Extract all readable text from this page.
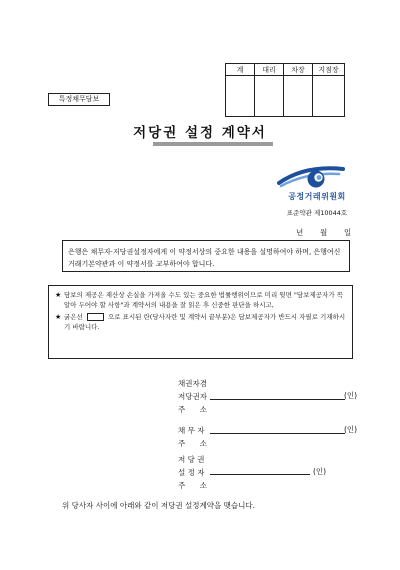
계	대리	차장	지점장

특정채무담보
저당권 설정 계약서
공정거래위원회
표준약관 제10044호
년 월 일
은행은 채무자·저당권설정자에게 이 약정서상의 중요한 내용을 설명하여야 하며, 은행여신거래기본약관과 이 약정서를 교부하여야 합니다.
★ 담보의 제공은 재산상 손실을 가져올 수도 있는 중요한 법률행위이므로 미리 뒷면 "담보제공자가 꼭 알아 두어야 할 사항"과 계약서의 내용을 잘 읽은 후 신중한 판단을 하시고,
★ 굵은선	으로 표시된 란(당사자란 및 계약서 끝부분)은 담보제공자가 반드시 자필로 기재하시기 바랍니다.
채권자겸
저당권자	(인)
주 소
채 무 자	(인)
주 소
저 당 권
설 정 자	(인)
주 소
위 당사자 사이에 아래와 같이 저당권 설정계약을 맺습니다.
